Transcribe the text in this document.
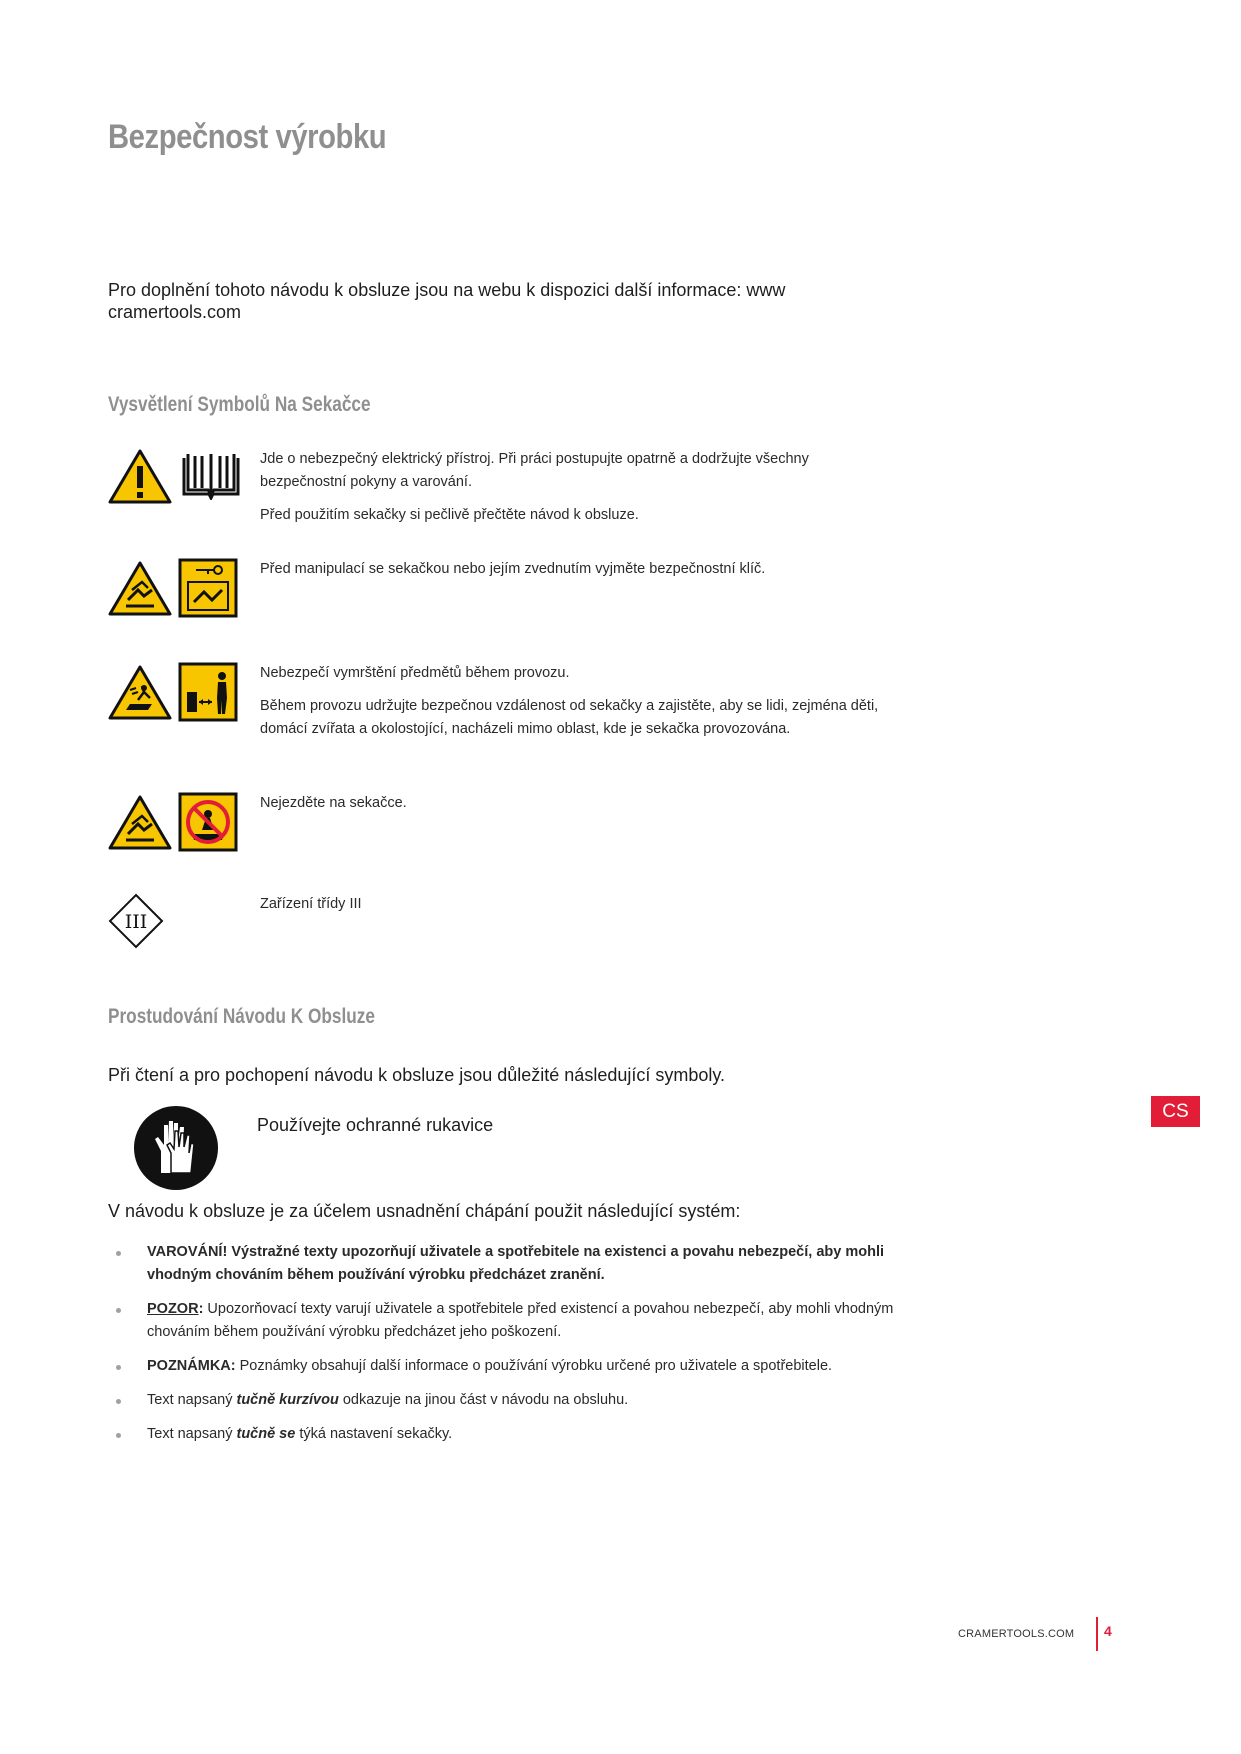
Bezpečnost výrobku
Pro doplnění tohoto návodu k obsluze jsou na webu k dispozici další informace: www cramertools.com
Vysvětlení Symbolů Na Sekačce

Jde o nebezpečný elektrický přístroj. Při práci postupujte opatrně a dodržujte všechny bezpečnostní pokyny a varování.

Před použitím sekačky si pečlivě přečtěte návod k obsluze.

Před manipulací se sekačkou nebo jejím zvednutím vyjměte bezpečnostní klíč.

Nebezpečí vymrštění předmětů během provozu.

Během provozu udržujte bezpečnou vzdálenost od sekačky a zajistěte, aby se lidi, zejména děti, domácí zvířata a okolostojící, nacházeli mimo oblast, kde je sekačka provozována.

Nejezděte na sekačce.

III

Zařízení třídy III

Prostudování Návodu K Obsluze
Při čtení a pro pochopení návodu k obsluze jsou důležité následující symboly.
Používejte ochranné rukavice
V návodu k obsluze je za účelem usnadnění chápání použit následující systém:
VAROVÁNÍ! Výstražné texty upozorňují uživatele a spotřebitele na existenci a povahu nebezpečí, aby mohli vhodným chováním během používání výrobku předcházet zranění.
POZOR: Upozorňovací texty varují uživatele a spotřebitele před existencí a povahou nebezpečí, aby mohli vhodným chováním během používání výrobku předcházet jeho poškození.
POZNÁMKA: Poznámky obsahují další informace o používání výrobku určené pro uživatele a spotřebitele.
Text napsaný tučně kurzívou odkazuje na jinou část v návodu na obsluhu.
Text napsaný tučně se týká nastavení sekačky.
CS
CRAMERTOOLS.COM 4
